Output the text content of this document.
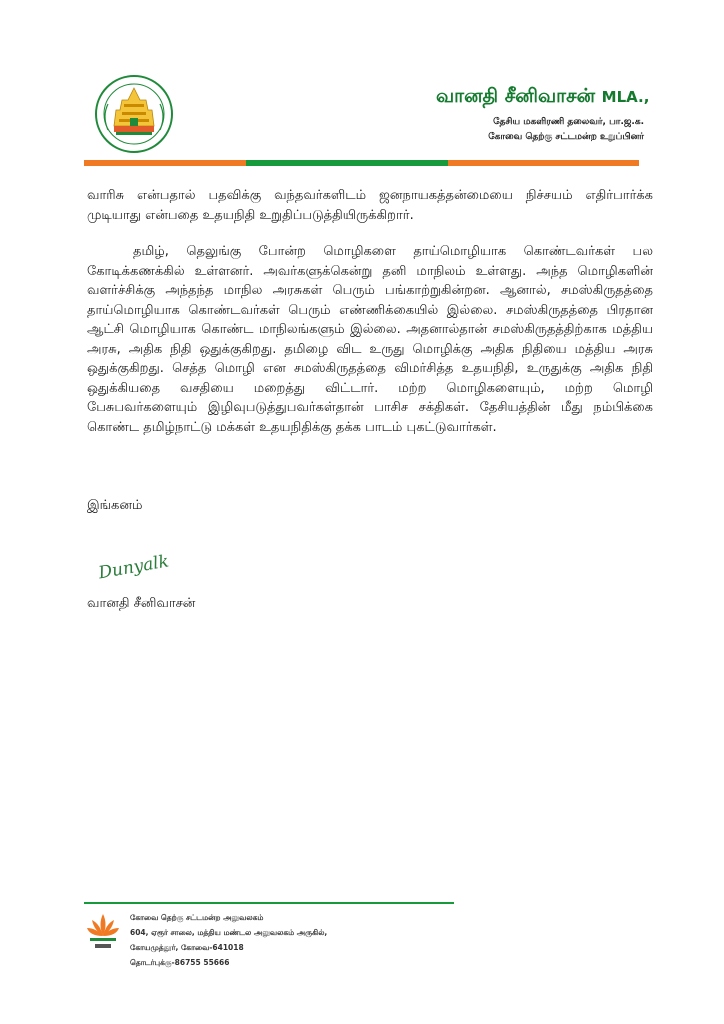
வானதி சீனிவாசன் MLA.,
தேசிய மகளிரணி தலைவர், பா.ஜ.க.
கோவை தெற்கு சட்டமன்ற உறுப்பினர்

வாரிசு என்பதால் பதவிக்கு வந்தவர்களிடம் ஜனநாயகத்தன்மையை நிச்சயம் எதிர்பார்க்க முடியாது என்பதை உதயநிதி உறுதிப்படுத்தியிருக்கிறார்.

தமிழ், தெலுங்கு போன்ற மொழிகளை தாய்மொழியாக கொண்டவர்கள் பல கோடிக்கணக்கில் உள்ளனர். அவர்களுக்கென்று தனி மாநிலம் உள்ளது. அந்த மொழிகளின் வளர்ச்சிக்கு அந்தந்த மாநில அரசுகள் பெரும் பங்காற்றுகின்றன. ஆனால், சமஸ்கிருதத்தை தாய்மொழியாக கொண்டவர்கள் பெரும் எண்ணிக்கையில் இல்லை. சமஸ்கிருதத்தை பிரதான ஆட்சி மொழியாக கொண்ட மாநிலங்களும் இல்லை. அதனால்தான் சமஸ்கிருதத்திற்காக மத்திய அரசு, அதிக நிதி ஒதுக்குகிறது. தமிழை விட உருது மொழிக்கு அதிக நிதியை மத்திய அரசு ஒதுக்குகிறது. செத்த மொழி என சமஸ்கிருதத்தை விமர்சித்த உதயநிதி, உருதுக்கு அதிக நிதி ஒதுக்கியதை வசதியை மறைத்து விட்டார். மற்ற மொழிகளையும், மற்ற மொழி பேசுபவர்களையும் இழிவுபடுத்துபவர்கள்தான் பாசிச சக்திகள். தேசியத்தின் மீது நம்பிக்கை கொண்ட தமிழ்நாட்டு மக்கள் உதயநிதிக்கு தக்க பாடம் புகட்டுவார்கள்.

இங்கனம்
Dunyalk
வானதி சீனிவாசன்
கோவை தெற்கு சட்டமன்ற அலுவலகம்
604, ஏரூர் சாலை, மத்திய மண்டல அலுவலகம் அருகில்,
கோயமுத்தூர், கோவை-641018
தொடர்புக்கு-86755 55666
